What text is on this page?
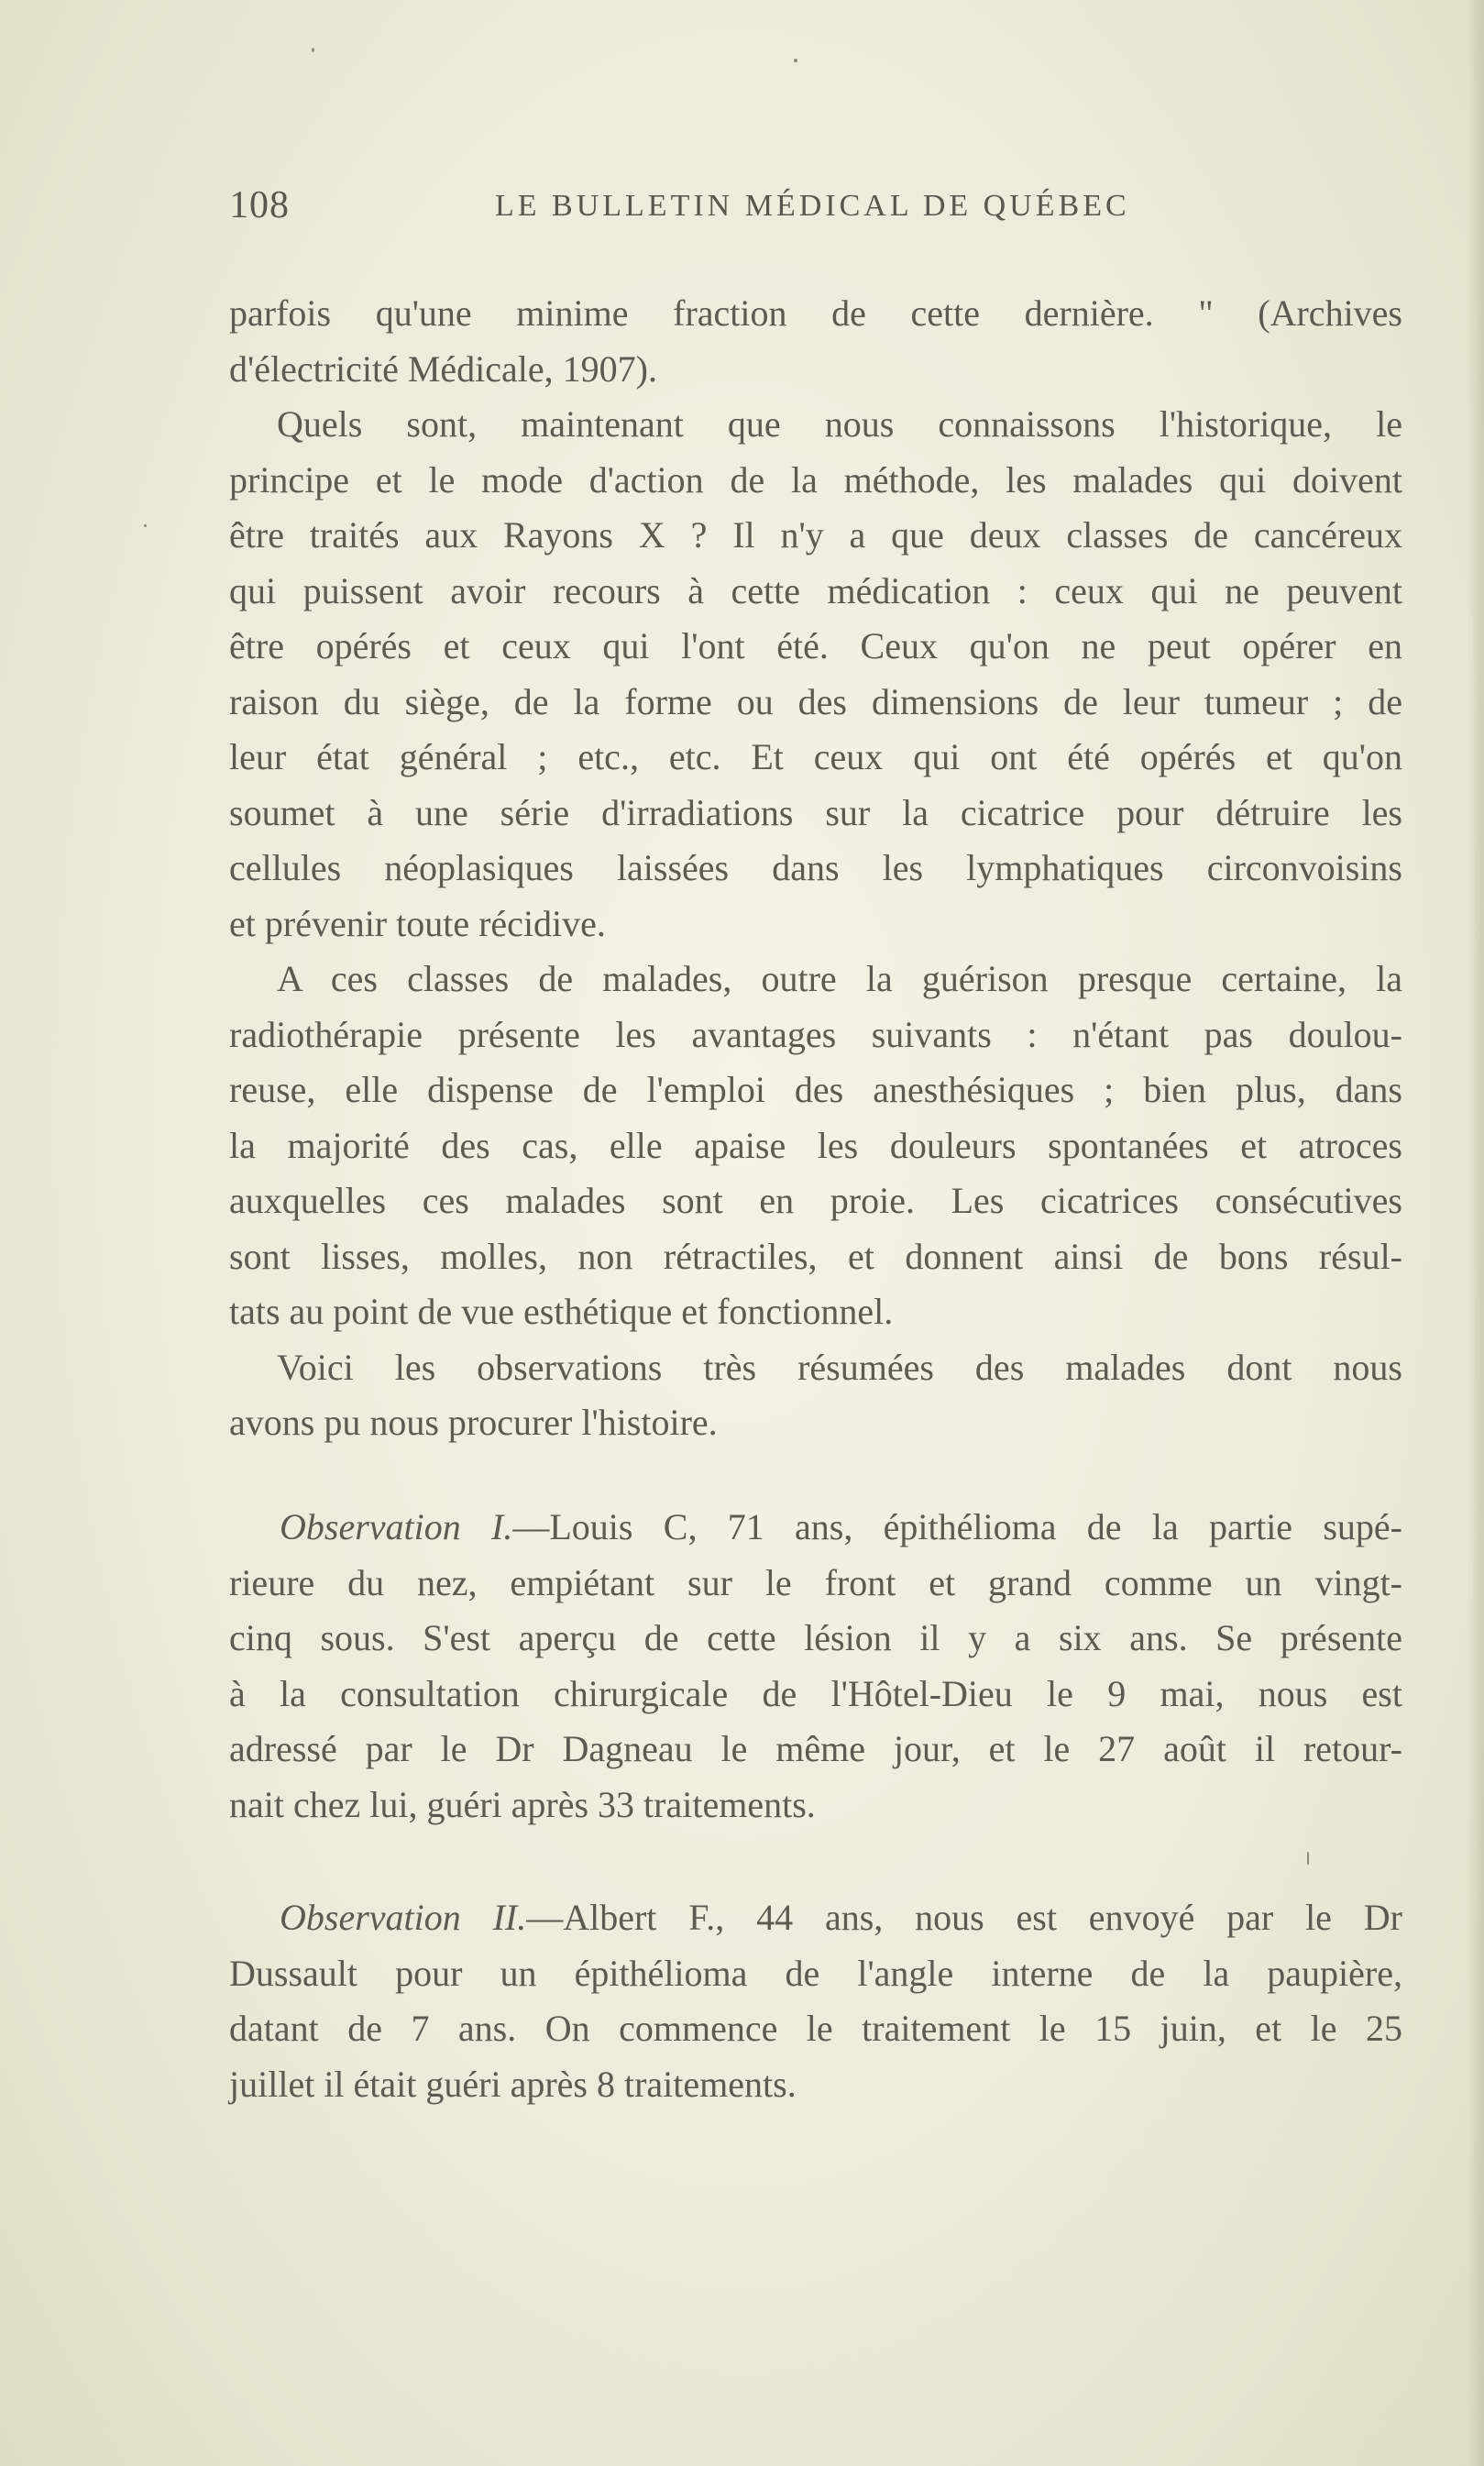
108	LE BULLETIN MÉDICAL DE QUÉBEC
parfois qu'une minime fraction de cette dernière. " (Archives
d'électricité Médicale, 1907).
Quels sont, maintenant que nous connaissons l'historique, le
principe et le mode d'action de la méthode, les malades qui doivent
être traités aux Rayons X ? Il n'y a que deux classes de cancéreux
qui puissent avoir recours à cette médication : ceux qui ne peuvent
être opérés et ceux qui l'ont été. Ceux qu'on ne peut opérer en
raison du siège, de la forme ou des dimensions de leur tumeur ; de
leur état général ; etc., etc. Et ceux qui ont été opérés et qu'on
soumet à une série d'irradiations sur la cicatrice pour détruire les
cellules néoplasiques laissées dans les lymphatiques circonvoisins
et prévenir toute récidive.
A ces classes de malades, outre la guérison presque certaine, la
radiothérapie présente les avantages suivants : n'étant pas doulou-
reuse, elle dispense de l'emploi des anesthésiques ; bien plus, dans
la majorité des cas, elle apaise les douleurs spontanées et atroces
auxquelles ces malades sont en proie. Les cicatrices consécutives
sont lisses, molles, non rétractiles, et donnent ainsi de bons résul-
tats au point de vue esthétique et fonctionnel.
Voici les observations très résumées des malades dont nous
avons pu nous procurer l'histoire.
Observation I.—Louis C, 71 ans, épithélioma de la partie supé-
rieure du nez, empiétant sur le front et grand comme un vingt-
cinq sous. S'est aperçu de cette lésion il y a six ans. Se présente
à la consultation chirurgicale de l'Hôtel-Dieu le 9 mai, nous est
adressé par le Dr Dagneau le même jour, et le 27 août il retour-
nait chez lui, guéri après 33 traitements.
Observation II.—Albert F., 44 ans, nous est envoyé par le Dr
Dussault pour un épithélioma de l'angle interne de la paupière,
datant de 7 ans. On commence le traitement le 15 juin, et le 25
juillet il était guéri après 8 traitements.
